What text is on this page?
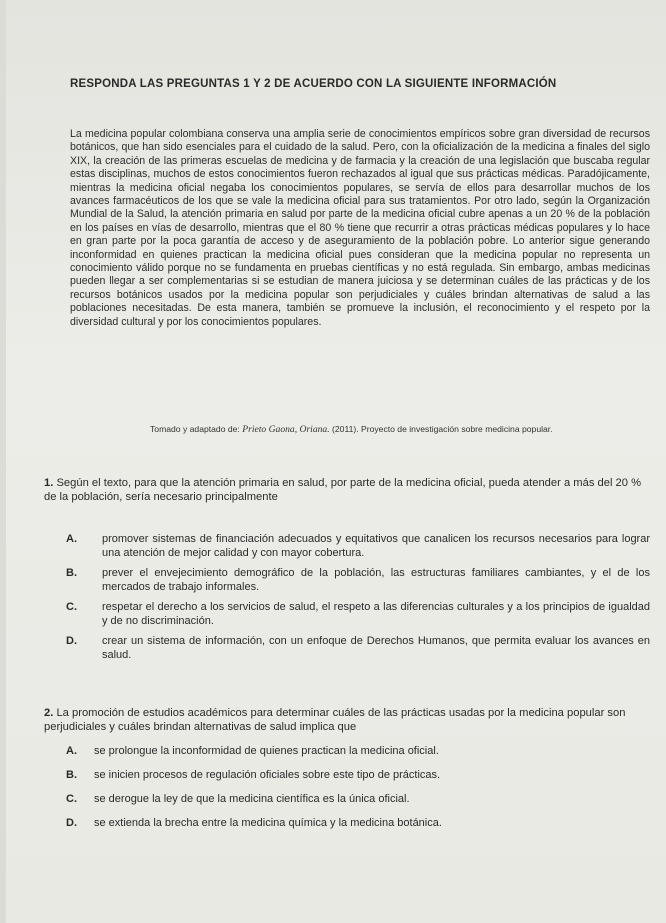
RESPONDA LAS PREGUNTAS 1 Y 2 DE ACUERDO CON LA SIGUIENTE INFORMACIÓN
La medicina popular colombiana conserva una amplia serie de conocimientos empíricos sobre gran diversidad de recursos botánicos, que han sido esenciales para el cuidado de la salud. Pero, con la oficialización de la medicina a finales del siglo XIX, la creación de las primeras escuelas de medicina y de farmacia y la creación de una legislación que buscaba regular estas disciplinas, muchos de estos conocimientos fueron rechazados al igual que sus prácticas médicas. Paradójicamente, mientras la medicina oficial negaba los conocimientos populares, se servía de ellos para desarrollar muchos de los avances farmacéuticos de los que se vale la medicina oficial para sus tratamientos. Por otro lado, según la Organización Mundial de la Salud, la atención primaria en salud por parte de la medicina oficial cubre apenas a un 20 % de la población en los países en vías de desarrollo, mientras que el 80 % tiene que recurrir a otras prácticas médicas populares y lo hace en gran parte por la poca garantía de acceso y de aseguramiento de la población pobre. Lo anterior sigue generando inconformidad en quienes practican la medicina oficial pues consideran que la medicina popular no representa un conocimiento válido porque no se fundamenta en pruebas científicas y no está regulada. Sin embargo, ambas medicinas pueden llegar a ser complementarias si se estudian de manera juiciosa y se determinan cuáles de las prácticas y de los recursos botánicos usados por la medicina popular son perjudiciales y cuáles brindan alternativas de salud a las poblaciones necesitadas. De esta manera, también se promueve la inclusión, el reconocimiento y el respeto por la diversidad cultural y por los conocimientos populares.
Tomado y adaptado de: Prieto Gaona, Oriana. (2011). Proyecto de investigación sobre medicina popular.
1. Según el texto, para que la atención primaria en salud, por parte de la medicina oficial, pueda atender a más del 20 % de la población, sería necesario principalmente
A. promover sistemas de financiación adecuados y equitativos que canalicen los recursos necesarios para lograr una atención de mejor calidad y con mayor cobertura.
B. prever el envejecimiento demográfico de la población, las estructuras familiares cambiantes, y el de los mercados de trabajo informales.
C. respetar el derecho a los servicios de salud, el respeto a las diferencias culturales y a los principios de igualdad y de no discriminación.
D. crear un sistema de información, con un enfoque de Derechos Humanos, que permita evaluar los avances en salud.
2. La promoción de estudios académicos para determinar cuáles de las prácticas usadas por la medicina popular son perjudiciales y cuáles brindan alternativas de salud implica que
A. se prolongue la inconformidad de quienes practican la medicina oficial.
B. se inicien procesos de regulación oficiales sobre este tipo de prácticas.
C. se derogue la ley de que la medicina científica es la única oficial.
D. se extienda la brecha entre la medicina química y la medicina botánica.
